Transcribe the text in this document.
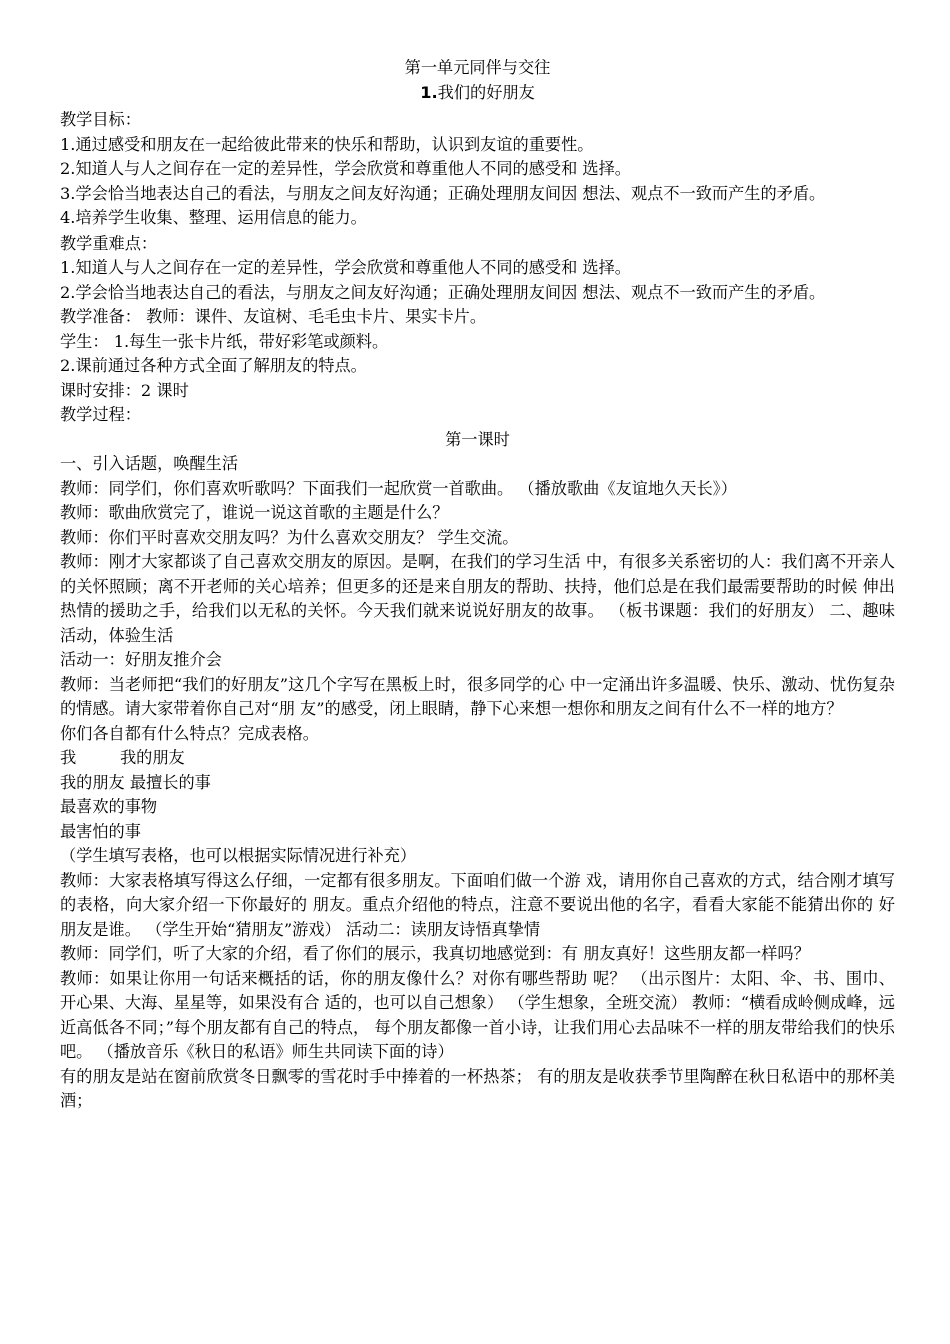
第一单元同伴与交往
1.我们的好朋友
教学目标：
1.通过感受和朋友在一起给彼此带来的快乐和帮助，认识到友谊的重要性。
2.知道人与人之间存在一定的差异性，学会欣赏和尊重他人不同的感受和 选择。
3.学会恰当地表达自己的看法，与朋友之间友好沟通；正确处理朋友间因 想法、观点不一致而产生的矛盾。
4.培养学生收集、整理、运用信息的能力。
教学重难点：
1.知道人与人之间存在一定的差异性，学会欣赏和尊重他人不同的感受和 选择。
2.学会恰当地表达自己的看法，与朋友之间友好沟通；正确处理朋友间因 想法、观点不一致而产生的矛盾。
教学准备： 教师：课件、友谊树、毛毛虫卡片、果实卡片。
学生： 1.每生一张卡片纸，带好彩笔或颜料。
2.课前通过各种方式全面了解朋友的特点。
课时安排：2 课时
教学过程：
第一课时
一、引入话题，唤醒生活
教师：同学们，你们喜欢听歌吗？下面我们一起欣赏一首歌曲。 （播放歌曲《友谊地久天长》）
教师：歌曲欣赏完了，谁说一说这首歌的主题是什么？
教师：你们平时喜欢交朋友吗？为什么喜欢交朋友？ 学生交流。
教师：刚才大家都谈了自己喜欢交朋友的原因。是啊，在我们的学习生活 中，有很多关系密切的人：我们离不开亲人的关怀照顾；离不开老师的关心培养；但更多的还是来自朋友的帮助、扶持，他们总是在我们最需要帮助的时候 伸出热情的援助之手，给我们以无私的关怀。今天我们就来说说好朋友的故事。 （板书课题：我们的好朋友） 二、趣味活动，体验生活
活动一：好朋友推介会
教师：当老师把“我们的好朋友”这几个字写在黑板上时，很多同学的心 中一定涌出许多温暖、快乐、激动、忧伤复杂的情感。请大家带着你自己对“朋 友”的感受，闭上眼睛，静下心来想一想你和朋友之间有什么不一样的地方？
你们各自都有什么特点？完成表格。
我	我的朋友
我的朋友 最擅长的事
最喜欢的事物
最害怕的事
（学生填写表格，也可以根据实际情况进行补充）
教师：大家表格填写得这么仔细，一定都有很多朋友。下面咱们做一个游 戏，请用你自己喜欢的方式，结合刚才填写的表格，向大家介绍一下你最好的 朋友。重点介绍他的特点，注意不要说出他的名字，看看大家能不能猜出你的 好朋友是谁。 （学生开始“猜朋友”游戏） 活动二：读朋友诗悟真挚情
教师：同学们，听了大家的介绍，看了你们的展示，我真切地感觉到：有 朋友真好！这些朋友都一样吗？
教师：如果让你用一句话来概括的话，你的朋友像什么？对你有哪些帮助 呢？ （出示图片：太阳、伞、书、围巾、开心果、大海、星星等，如果没有合 适的，也可以自己想象） （学生想象，全班交流） 教师：“横看成岭侧成峰，远近高低各不同；”每个朋友都有自己的特点， 每个朋友都像一首小诗，让我们用心去品味不一样的朋友带给我们的快乐吧。 （播放音乐《秋日的私语》师生共同读下面的诗）
有的朋友是站在窗前欣赏冬日飘零的雪花时手中捧着的一杯热茶； 有的朋友是收获季节里陶醉在秋日私语中的那杯美酒；
